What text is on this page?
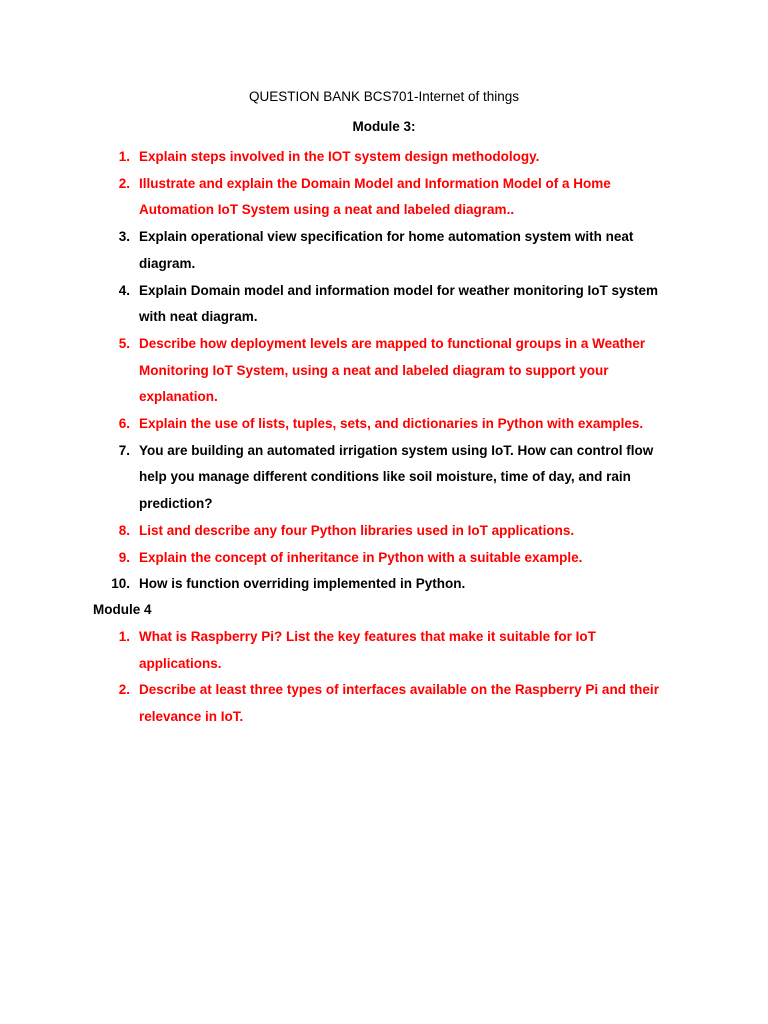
QUESTION BANK BCS701-Internet of things
Module 3:
1. Explain steps involved in the IOT system design methodology.
2. Illustrate and explain the Domain Model and Information Model of a Home Automation IoT System using a neat and labeled diagram..
3. Explain operational view specification for home automation system with neat diagram.
4. Explain Domain model and information model for weather monitoring IoT system with neat diagram.
5. Describe how deployment levels are mapped to functional groups in a Weather Monitoring IoT System, using a neat and labeled diagram to support your explanation.
6. Explain the use of lists, tuples, sets, and dictionaries in Python with examples.
7. You are building an automated irrigation system using IoT. How can control flow help you manage different conditions like soil moisture, time of day, and rain prediction?
8. List and describe any four Python libraries used in IoT applications.
9. Explain the concept of inheritance in Python with a suitable example.
10. How is function overriding implemented in Python.
Module 4
1. What is Raspberry Pi? List the key features that make it suitable for IoT applications.
2. Describe at least three types of interfaces available on the Raspberry Pi and their relevance in IoT.
